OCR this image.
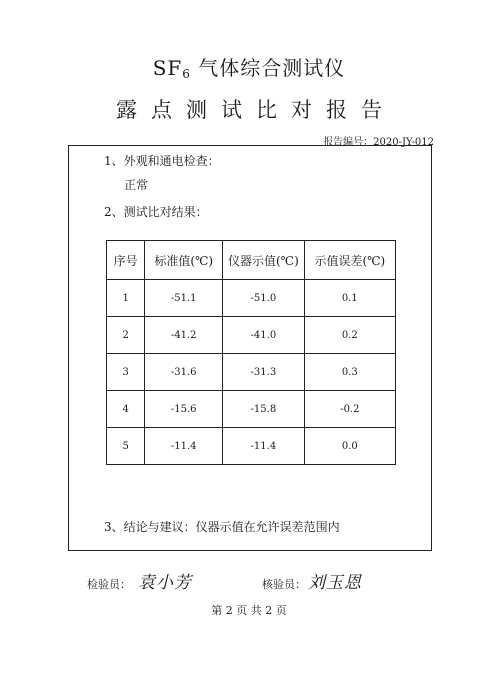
$SF_6$ 气体综合测试仪
露点测试比对报告
报告编号：2020-JY-012
1、外观和通电检查：
正常
2、测试比对结果：
序号	标准值(℃)	仪器示值(℃)	示值误差(℃)
1	-51.1	-51.0	0.1
2	-41.2	-41.0	0.2
3	-31.6	-31.3	0.3
4	-15.6	-15.8	-0.2
5	-11.4	-11.4	0.0
3、结论与建议：仪器示值在允许误差范围内
检验员： 袁小芳	核验员： 刘玉恩
第 2 页 共 2 页
